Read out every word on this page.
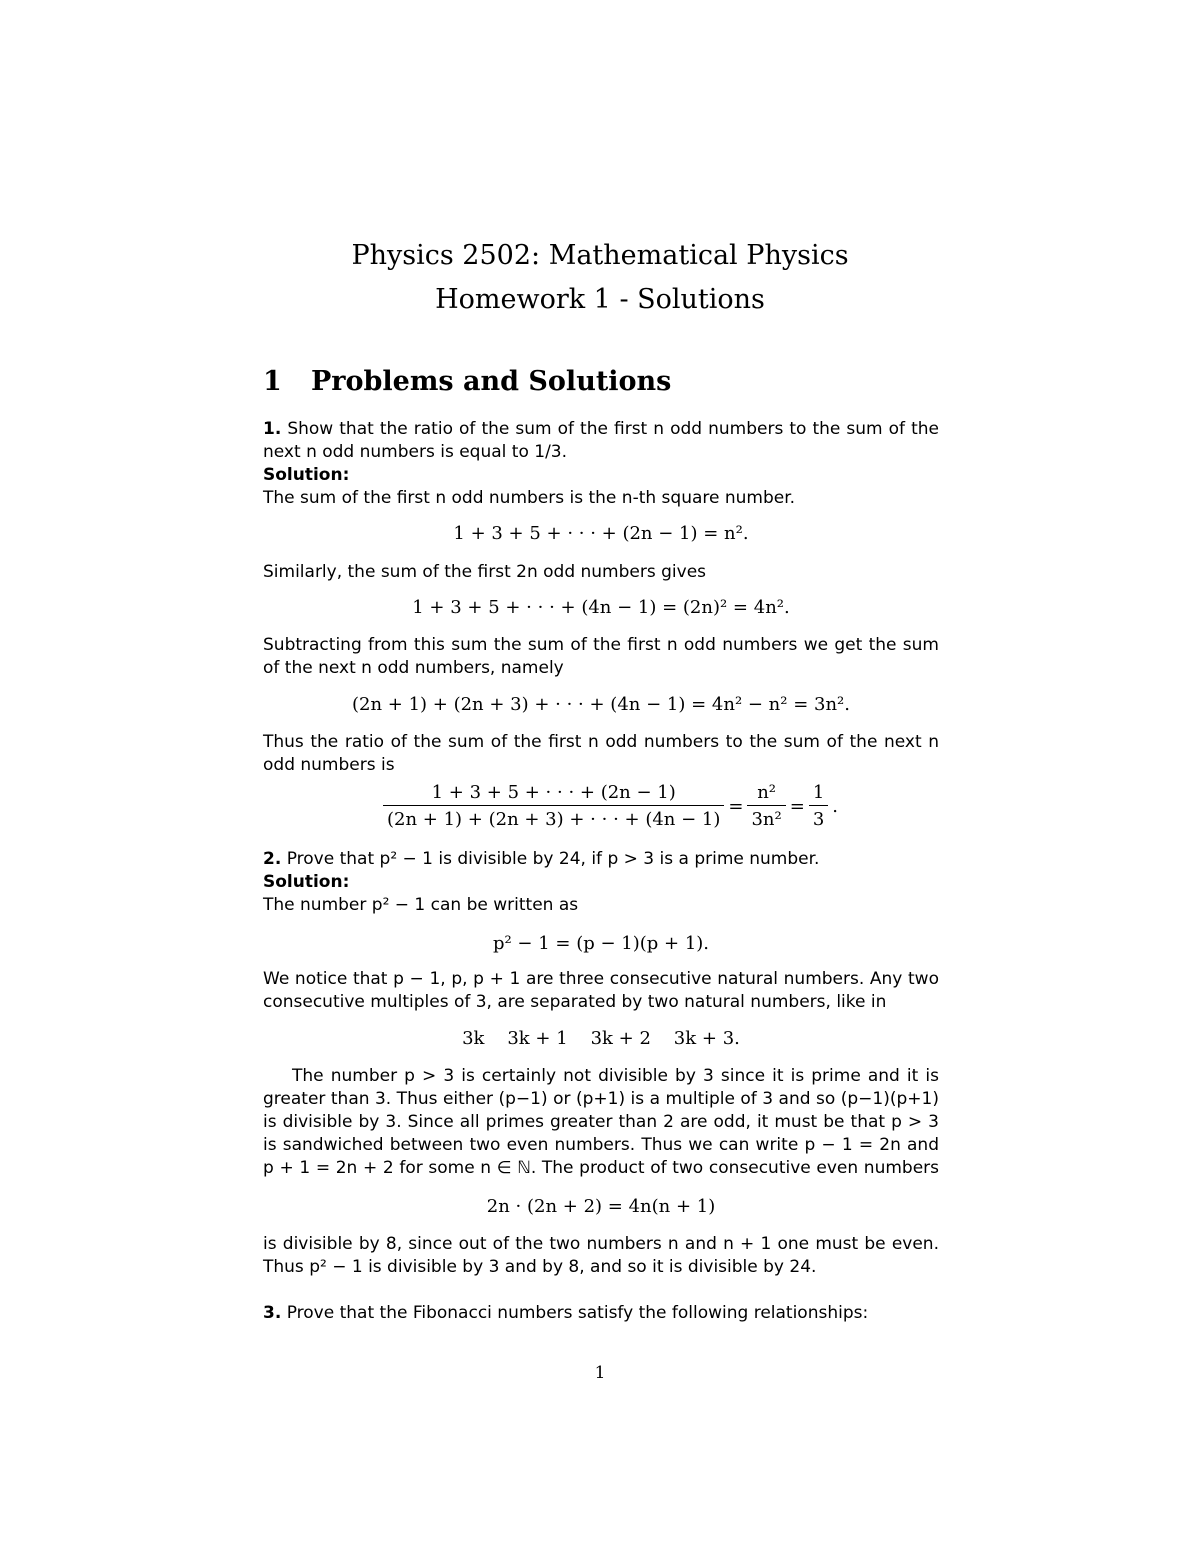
Physics 2502: Mathematical Physics
Homework 1 - Solutions
1 Problems and Solutions
1. Show that the ratio of the sum of the first n odd numbers to the sum of the
next n odd numbers is equal to 1/3.
Solution:
The sum of the first n odd numbers is the n-th square number.
1 + 3 + 5 + · · · + (2n − 1) = n².
Similarly, the sum of the first 2n odd numbers gives
1 + 3 + 5 + · · · + (4n − 1) = (2n)² = 4n².
Subtracting from this sum the sum of the first n odd numbers we get the sum
of the next n odd numbers, namely
(2n + 1) + (2n + 3) + · · · + (4n − 1) = 4n² − n² = 3n².
Thus the ratio of the sum of the first n odd numbers to the sum of the next n
odd numbers is
1 + 3 + 5 + · · · + (2n − 1)	=	n²	=	1	.
(2n + 1) + (2n + 3) + · · · + (4n − 1)		3n²		3	
2. Prove that p² − 1 is divisible by 24, if p > 3 is a prime number.
Solution:
The number p² − 1 can be written as
p² − 1 = (p − 1)(p + 1).
We notice that p − 1, p, p + 1 are three consecutive natural numbers. Any two
consecutive multiples of 3, are separated by two natural numbers, like in
3k    3k + 1    3k + 2    3k + 3.
The number p > 3 is certainly not divisible by 3 since it is prime and it is
greater than 3. Thus either (p−1) or (p+1) is a multiple of 3 and so (p−1)(p+1)
is divisible by 3. Since all primes greater than 2 are odd, it must be that p > 3
is sandwiched between two even numbers. Thus we can write p − 1 = 2n and
p + 1 = 2n + 2 for some n ∈ ℕ. The product of two consecutive even numbers
2n · (2n + 2) = 4n(n + 1)
is divisible by 8, since out of the two numbers n and n + 1 one must be even.
Thus p² − 1 is divisible by 3 and by 8, and so it is divisible by 24.
3. Prove that the Fibonacci numbers satisfy the following relationships:
1
